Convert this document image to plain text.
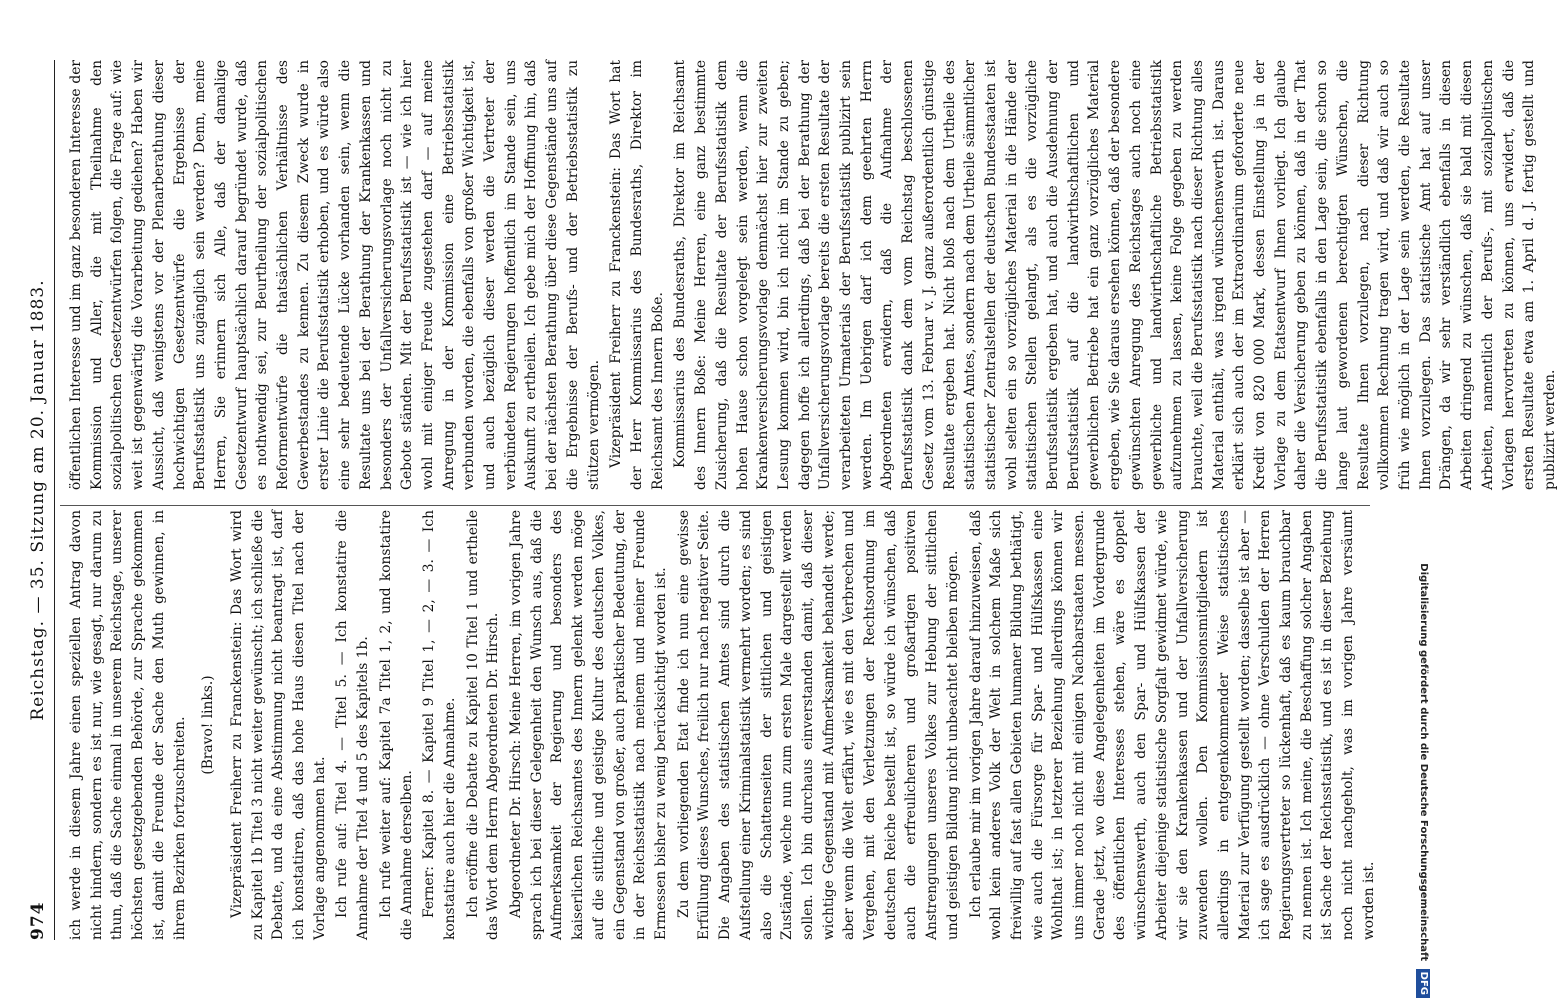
974
Reichstag. — 35. Sitzung am 20. Januar 1883.

ich werde in diesem Jahre einen speziellen Antrag davon nicht hindern, sondern es ist nur, wie gesagt, nur darum zu thun, daß die Sache einmal in unserem Reichstage, unserer höchsten gesetzgebenden Behörde, zur Sprache gekommen ist, damit die Freunde der Sache den Muth gewinnen, in ihrem Bezirken fortzuschreiten. (Bravo! links.) Vizepräsident Freiherr zu Franckenstein: Das Wort wird zu Kapitel 1b Titel 3 nicht weiter gewünscht; ich schließe die Debatte, und da eine Abstimmung nicht beantragt ist, darf ich konstatiren, daß das hohe Haus diesen Titel nach der Vorlage angenommen hat. Ich rufe auf: Titel 4. — Titel 5. — Ich konstatire die Annahme der Titel 4 und 5 des Kapitels 1b. Ich rufe weiter auf: Kapitel 7a Titel 1, 2, und konstatire die Annahme derselben. Ferner: Kapitel 8. — Kapitel 9 Titel 1, — 2, — 3. — Ich konstatire auch hier die Annahme. Ich eröffne die Debatte zu Kapitel 10 Titel 1 und ertheile das Wort dem Herrn Abgeordneten Dr. Hirsch. Abgeordneter Dr. Hirsch: Meine Herren, im vorigen Jahre sprach ich bei dieser Gelegenheit den Wunsch aus, daß die Aufmerksamkeit der Regierung und besonders des kaiserlichen Reichsamtes des Innern gelenkt werden möge auf die sittliche und geistige Kultur des deutschen Volkes, ein Gegenstand von großer, auch praktischer Bedeutung, der in der Reichsstatistik nach meinem und meiner Freunde Ermessen bisher zu wenig berücksichtigt worden ist. Zu dem vorliegenden Etat finde ich nun eine gewisse Erfüllung dieses Wunsches, freilich nur nach negativer Seite. Die Angaben des statistischen Amtes sind durch die Aufstellung einer Kriminalstatistik vermehrt worden; es sind also die Schattenseiten der sittlichen und geistigen Zustände, welche nun zum ersten Male dargestellt werden sollen. Ich bin durchaus einverstanden damit, daß dieser wichtige Gegenstand mit Aufmerksamkeit behandelt werde; aber wenn die Welt erfährt, wie es mit den Verbrechen und Vergehen, mit den Verletzungen der Rechtsordnung im deutschen Reiche bestellt ist, so würde ich wünschen, daß auch die erfreulicheren und großartigen positiven Anstrengungen unseres Volkes zur Hebung der sittlichen und geistigen Bildung nicht unbeachtet bleiben mögen. Ich erlaube mir im vorigen Jahre darauf hinzuweisen, daß wohl kein anderes Volk der Welt in solchem Maße sich freiwillig auf fast allen Gebieten humaner Bildung bethätigt, wie auch die Fürsorge für Spar- und Hülfskassen eine Wohlthat ist; in letzterer Beziehung allerdings können wir uns immer noch nicht mit einigen Nachbarstaaten messen. Gerade jetzt, wo diese Angelegenheiten im Vordergrunde des öffentlichen Interesses stehen, wäre es doppelt wünschenswerth, auch den Spar- und Hülfskassen der Arbeiter diejenige statistische Sorgfalt gewidmet würde, wie wir sie den Krankenkassen und der Unfallversicherung zuwenden wollen. Den Kommissionsmitgliedern ist allerdings in entgegenkommender Weise statistisches Material zur Verfügung gestellt worden; dasselbe ist aber — ich sage es ausdrücklich — ohne Verschulden der Herren Regierungsvertreter so lückenhaft, daß es kaum brauchbar zu nennen ist. Ich meine, die Beschaffung solcher Angaben ist Sache der Reichsstatistik, und es ist in dieser Beziehung noch nicht nachgeholt, was im vorigen Jahre versäumt worden ist.

öffentlichen Interesse und im ganz besonderen Interesse der Kommission und Aller, die mit Theilnahme den sozialpolitischen Gesetzentwürfen folgen, die Frage auf: wie weit ist gegenwärtig die Vorarbeitung gediehen? Haben wir Aussicht, daß wenigstens vor der Plenarberathung dieser hochwichtigen Gesetzentwürfe die Ergebnisse der Berufsstatistik uns zugänglich sein werden? Denn, meine Herren, Sie erinnern sich Alle, daß der damalige Gesetzentwurf hauptsächlich darauf begründet wurde, daß es nothwendig sei, zur Beurtheilung der sozialpolitischen Reformentwürfe die thatsächlichen Verhältnisse des Gewerbestandes zu kennen. Zu diesem Zweck wurde in erster Linie die Berufsstatistik erhoben, und es würde also eine sehr bedeutende Lücke vorhanden sein, wenn die Resultate uns bei der Berathung der Krankenkassen und besonders der Unfallversicherungsvorlage noch nicht zu Gebote ständen. Mit der Berufsstatistik ist — wie ich hier wohl mit einiger Freude zugestehen darf — auf meine Anregung in der Kommission eine Betriebsstatistik verbunden worden, die ebenfalls von großer Wichtigkeit ist, und auch bezüglich dieser werden die Vertreter der verbündeten Regierungen hoffentlich im Stande sein, uns Auskunft zu ertheilen. Ich gebe mich der Hoffnung hin, daß bei der nächsten Berathung über diese Gegenstände uns auf die Ergebnisse der Berufs- und der Betriebsstatistik zu stützen vermögen. Vizepräsident Freiherr zu Franckenstein: Das Wort hat der Herr Kommissarius des Bundesraths, Direktor im Reichsamt des Innern Boße. Kommissarius des Bundesraths, Direktor im Reichsamt des Innern Boße: Meine Herren, eine ganz bestimmte Zusicherung, daß die Resultate der Berufsstatistik dem hohen Hause schon vorgelegt sein werden, wenn die Krankenversicherungsvorlage demnächst hier zur zweiten Lesung kommen wird, bin ich nicht im Stande zu geben; dagegen hoffe ich allerdings, daß bei der Berathung der Unfallversicherungsvorlage bereits die ersten Resultate der verarbeiteten Urmaterials der Berufsstatistik publizirt sein werden. Im Uebrigen darf ich dem geehrten Herrn Abgeordneten erwidern, daß die Aufnahme der Berufsstatistik dank dem vom Reichstag beschlossenen Gesetz vom 13. Februar v. J. ganz außerordentlich günstige Resultate ergeben hat. Nicht bloß nach dem Urtheile des statistischen Amtes, sondern nach dem Urtheile sämmtlicher statistischer Zentralstellen der deutschen Bundesstaaten ist wohl selten ein so vorzügliches Material in die Hände der statistischen Stellen gelangt, als es die vorzügliche Berufsstatistik ergeben hat, und auch die Ausdehnung der Berufsstatistik auf die landwirthschaftlichen und gewerblichen Betriebe hat ein ganz vorzügliches Material ergeben, wie Sie daraus ersehen können, daß der besondere gewünschten Anregung des Reichstages auch noch eine gewerbliche und landwirthschaftliche Betriebsstatistik aufzunehmen zu lassen, keine Folge gegeben zu werden brauchte, weil die Berufsstatistik nach dieser Richtung alles Material enthält, was irgend wünschenswerth ist. Daraus erklärt sich auch der im Extraordinarium geforderte neue Kredit von 820 000 Mark, dessen Einstellung ja in der Vorlage zu dem Etatsentwurf Ihnen vorliegt. Ich glaube daher die Versicherung geben zu können, daß in der That die Berufsstatistik ebenfalls in den Lage sein, die schon so lange laut gewordenen berechtigten Wünschen, die Resultate Ihnen vorzulegen, nach dieser Richtung vollkommen Rechnung tragen wird, und daß wir auch so früh wie möglich in der Lage sein werden, die Resultate Ihnen vorzulegen. Das statistische Amt hat auf unser Drängen, da wir sehr verständlich ebenfalls in diesen Arbeiten dringend zu wünschen, daß sie bald mit diesen Arbeiten, namentlich der Berufs-, mit sozialpolitischen Vorlagen hervortreten zu können, uns erwidert, daß die ersten Resultate etwa am 1. April d. J. fertig gestellt und publizirt werden.

Digitalisierung gefördert durch die Deutsche Forschungsgemeinschaft DFG
